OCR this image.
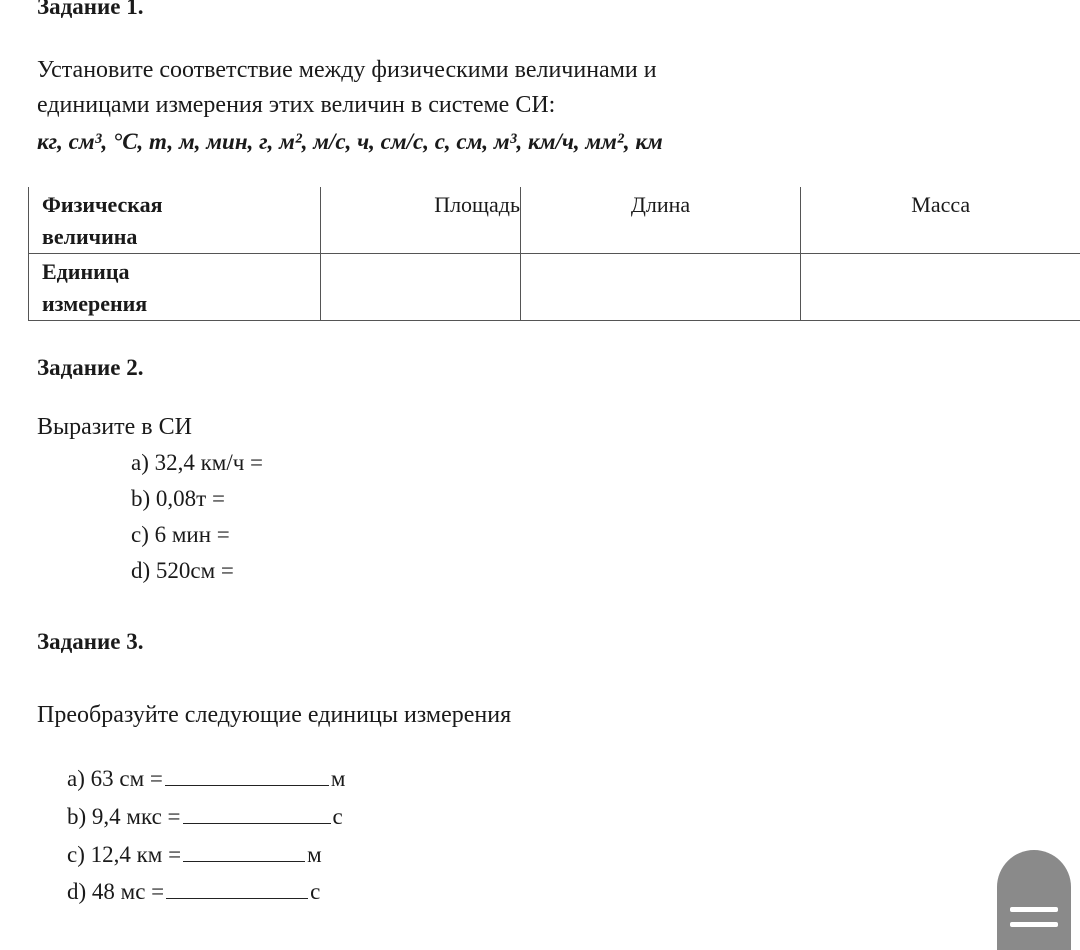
Задание 1.
Установите соответствие между физическими величинами и
единицами измерения этих величин в системе СИ:
кг, см³, °С, т, м, мин, г, м², м/с, ч, см/с, с, см, м³, км/ч, мм², км
Физическая
величина	Площадь	Длина	Масса

Единица
измерения			

Задание 2.
Выразите в СИ
a) 32,4 км/ч =
b) 0,08т =
c) 6 мин =
d) 520см =
Задание 3.
Преобразуйте следующие единицы измерения
a) 63 см =	м
b) 9,4 мкс =	с
c) 12,4 км =	м
d) 48 мс =	с
